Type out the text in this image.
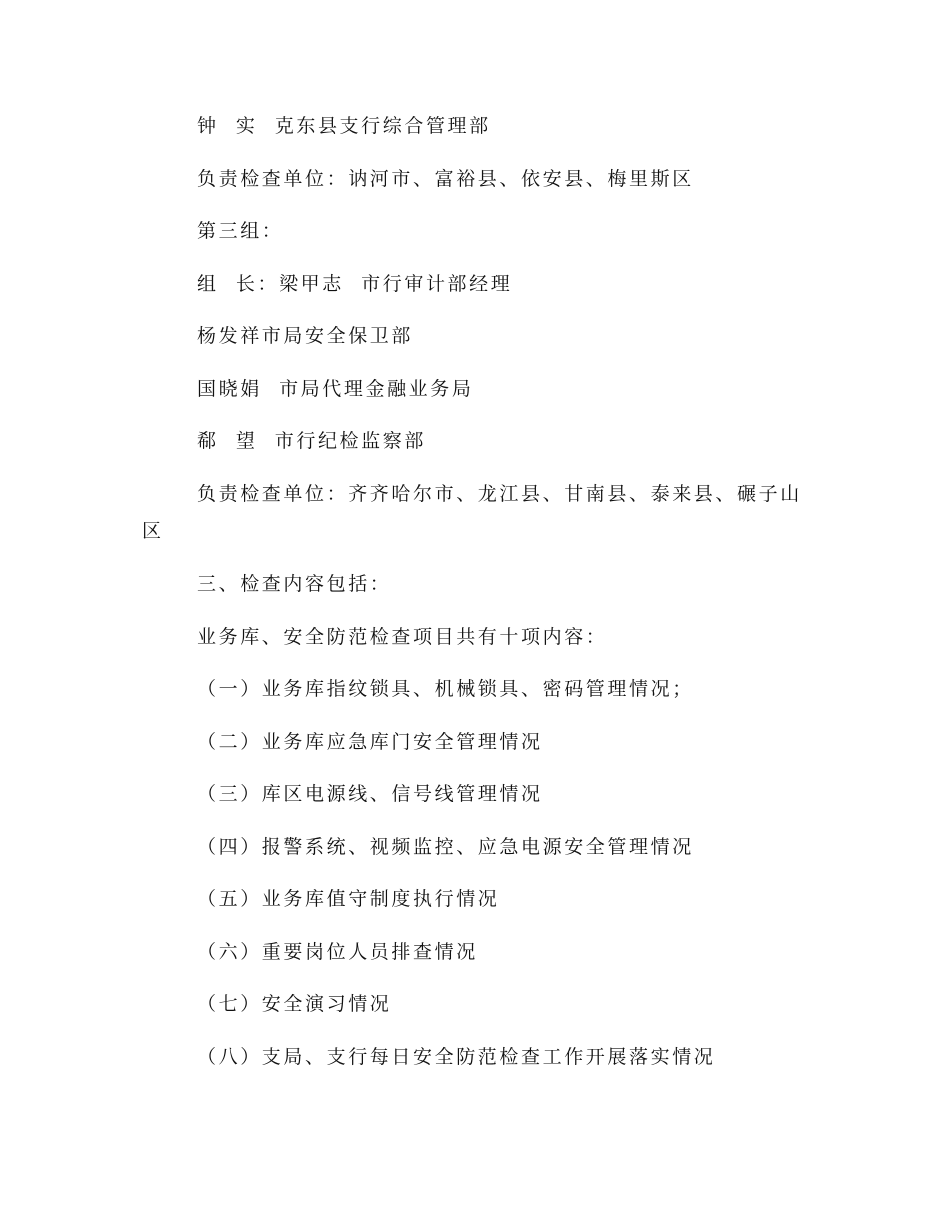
钟  实  克东县支行综合管理部
负责检查单位：讷河市、富裕县、依安县、梅里斯区
第三组：
组  长：梁甲志  市行审计部经理
杨发祥市局安全保卫部
国晓娟  市局代理金融业务局
郗  望  市行纪检监察部
负责检查单位：齐齐哈尔市、龙江县、甘南县、泰来县、碾子山
区
三、检查内容包括：
业务库、安全防范检查项目共有十项内容：
（一）业务库指纹锁具、机械锁具、密码管理情况；
（二）业务库应急库门安全管理情况
（三）库区电源线、信号线管理情况
（四）报警系统、视频监控、应急电源安全管理情况
（五）业务库值守制度执行情况
（六）重要岗位人员排查情况
（七）安全演习情况
（八）支局、支行每日安全防范检查工作开展落实情况
